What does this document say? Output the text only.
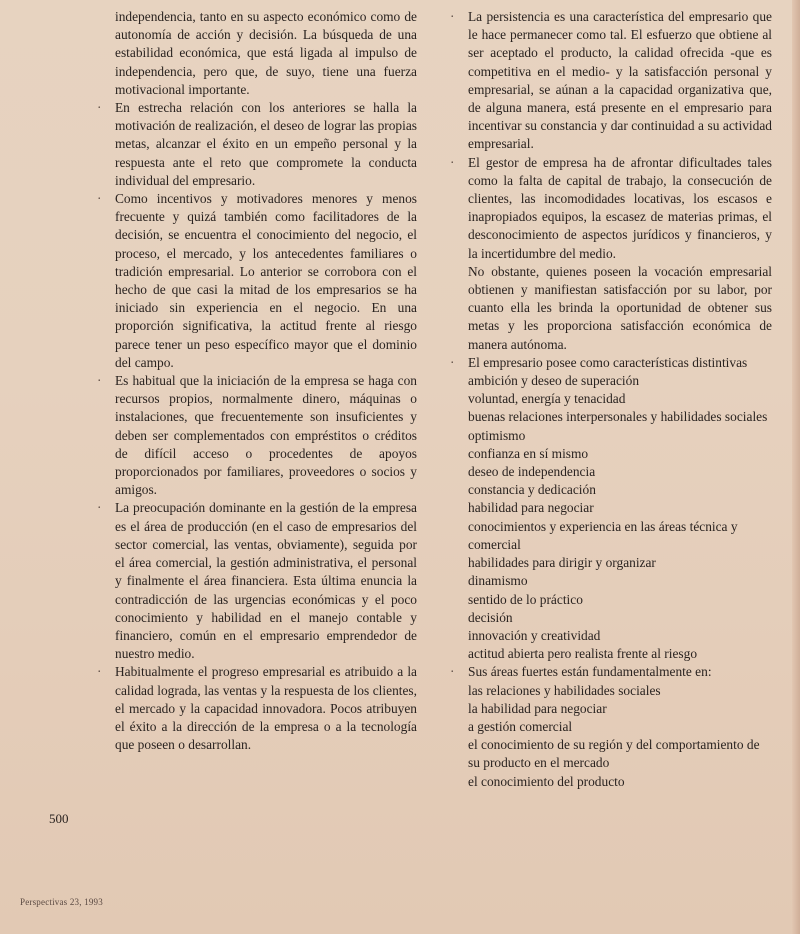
independencia, tanto en su aspecto económico como de autonomía de acción y decisión. La búsqueda de una estabilidad económica, que está ligada al impulso de independencia, pero que, de suyo, tiene una fuerza motivacional importante.

·	En estrecha relación con los anteriores se halla la motivación de realización, el deseo de lograr las propias metas, alcanzar el éxito en un empeño personal y la respuesta ante el reto que compromete la conducta individual del empresario.
·	Como incentivos y motivadores menores y menos frecuente y quizá también como facilitadores de la decisión, se encuentra el conocimiento del negocio, el proceso, el mercado, y los antecedentes familiares o tradición empresarial. Lo anterior se corrobora con el hecho de que casi la mitad de los empresarios se ha iniciado sin experiencia en el negocio. En una proporción significativa, la actitud frente al riesgo parece tener un peso específico mayor que el dominio del campo.
·	Es habitual que la iniciación de la empresa se haga con recursos propios, normalmente dinero, máquinas o instalaciones, que frecuentemente son insuficientes y deben ser complementados con empréstitos o créditos de difícil acceso o procedentes de apoyos proporcionados por familiares, proveedores o socios y amigos.
·	La preocupación dominante en la gestión de la empresa es el área de producción (en el caso de empresarios del sector comercial, las ventas, obviamente), seguida por el área comercial, la gestión administrativa, el personal y finalmente el área financiera. Esta última enuncia la contradicción de las urgencias económicas y el poco conocimiento y habilidad en el manejo contable y financiero, común en el empresario emprendedor de nuestro medio.
·	Habitualmente el progreso empresarial es atribuido a la calidad lograda, las ventas y la respuesta de los clientes, el mercado y la capacidad innovadora. Pocos atribuyen el éxito a la dirección de la empresa o a la tecnología que poseen o desarrollan.
·	La persistencia es una característica del empresario que le hace permanecer como tal. El esfuerzo que obtiene al ser aceptado el producto, la calidad ofrecida -que es competitiva en el medio- y la satisfacción personal y empresarial, se aúnan a la capacidad organizativa que, de alguna manera, está presente en el empresario para incentivar su constancia y dar continuidad a su actividad empresarial.
·	El gestor de empresa ha de afrontar dificultades tales como la falta de capital de trabajo, la consecución de clientes, las incomodidades locativas, los escasos e inapropiados equipos, la escasez de materias primas, el desconocimiento de aspectos jurídicos y financieros, y la incertidumbre del medio.

No obstante, quienes poseen la vocación empresarial obtienen y manifiestan satisfacción por su labor, por cuanto ella les brinda la oportunidad de obtener sus metas y les proporciona satisfacción económica de manera autónoma.

·	El empresario posee como características distintivas

ambición y deseo de superación

voluntad, energía y tenacidad

buenas relaciones interpersonales y habilidades sociales

optimismo

confianza en sí mismo

deseo de independencia

constancia y dedicación

habilidad para negociar

conocimientos y experiencia en las áreas técnica y comercial

habilidades para dirigir y organizar

dinamismo

sentido de lo práctico

decisión

innovación y creatividad

actitud abierta pero realista frente al riesgo

·	Sus áreas fuertes están fundamentalmente en:

las relaciones y habilidades sociales

la habilidad para negociar

a gestión comercial

el conocimiento de su región y del comportamiento de su producto en el mercado

el conocimiento del producto

500
Perspectivas 23, 1993
